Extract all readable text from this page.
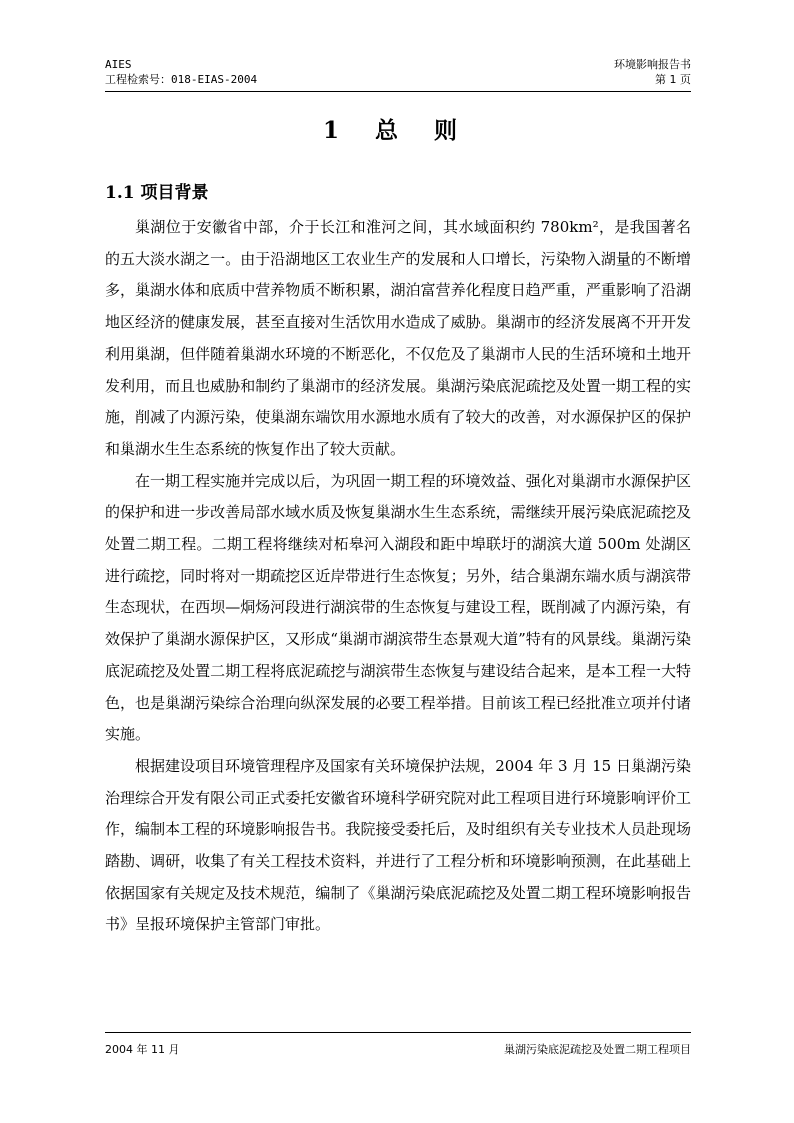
AIES	环境影响报告书
工程检索号：018-EIAS-2004	第 1 页
1 总 则
1.1 项目背景

巢湖位于安徽省中部，介于长江和淮河之间，其水域面积约 780km²，是我国著名的五大淡水湖之一。由于沿湖地区工农业生产的发展和人口增长，污染物入湖量的不断增多，巢湖水体和底质中营养物质不断积累，湖泊富营养化程度日趋严重，严重影响了沿湖地区经济的健康发展，甚至直接对生活饮用水造成了威胁。巢湖市的经济发展离不开开发利用巢湖，但伴随着巢湖水环境的不断恶化，不仅危及了巢湖市人民的生活环境和土地开发利用，而且也威胁和制约了巢湖市的经济发展。巢湖污染底泥疏挖及处置一期工程的实施，削减了内源污染，使巢湖东端饮用水源地水质有了较大的改善，对水源保护区的保护和巢湖水生生态系统的恢复作出了较大贡献。

在一期工程实施并完成以后，为巩固一期工程的环境效益、强化对巢湖市水源保护区的保护和进一步改善局部水域水质及恢复巢湖水生生态系统，需继续开展污染底泥疏挖及处置二期工程。二期工程将继续对柘皋河入湖段和距中埠联圩的湖滨大道 500m 处湖区进行疏挖，同时将对一期疏挖区近岸带进行生态恢复；另外，结合巢湖东端水质与湖滨带生态现状，在西坝—烔炀河段进行湖滨带的生态恢复与建设工程，既削减了内源污染，有效保护了巢湖水源保护区，又形成“巢湖市湖滨带生态景观大道”特有的风景线。巢湖污染底泥疏挖及处置二期工程将底泥疏挖与湖滨带生态恢复与建设结合起来，是本工程一大特色，也是巢湖污染综合治理向纵深发展的必要工程举措。目前该工程已经批准立项并付诸实施。

根据建设项目环境管理程序及国家有关环境保护法规，2004 年 3 月 15 日巢湖污染治理综合开发有限公司正式委托安徽省环境科学研究院对此工程项目进行环境影响评价工作，编制本工程的环境影响报告书。我院接受委托后，及时组织有关专业技术人员赴现场踏勘、调研，收集了有关工程技术资料，并进行了工程分析和环境影响预测，在此基础上依据国家有关规定及技术规范，编制了《巢湖污染底泥疏挖及处置二期工程环境影响报告书》呈报环境保护主管部门审批。

2004 年 11 月	巢湖污染底泥疏挖及处置二期工程项目
